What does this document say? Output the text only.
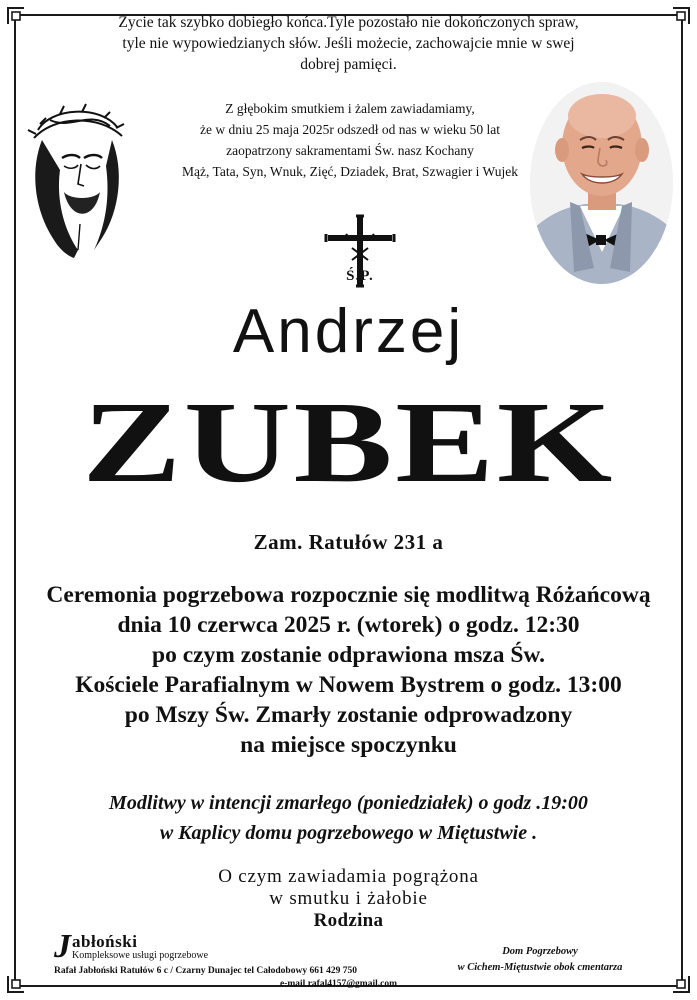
Życie tak szybko dobiegło końca.Tyle pozostało nie dokończonych spraw,
tyle nie wypowiedzianych słów. Jeśli możecie, zachowajcie mnie w swej
dobrej pamięci.
Z głębokim smutkiem i żalem zawiadamiamy,
że w dniu 25 maja 2025r odszedł od nas w wieku 50 lat
zaopatrzony sakramentami Św. nasz Kochany
Mąż, Tata, Syn, Wnuk, Zięć, Dziadek, Brat, Szwagier i Wujek
Ś.P.
Andrzej
ZUBEK
Zam. Ratułów 231 a
Ceremonia pogrzebowa rozpocznie się modlitwą Różańcową
dnia 10 czerwca 2025 r. (wtorek) o godz. 12:30
po czym zostanie odprawiona msza Św.
Kościele Parafialnym w Nowem Bystrem o godz. 13:00
po Mszy Św. Zmarły zostanie odprowadzony
na miejsce spoczynku
Modlitwy w intencji zmarłego (poniedziałek) o godz .19:00
w Kaplicy domu pogrzebowego w Miętustwie .
O czym zawiadamia pogrążona
w smutku i żałobie
Rodzina
J abłoński
Kompleksowe usługi pogrzebowe
Rafał Jabłoński Ratułów 6 c / Czarny Dunajec tel Całodobowy 661 429 750
e-mail rafal4157@gmail.com
Dom Pogrzebowy
w Cichem-Miętustwie obok cmentarza
